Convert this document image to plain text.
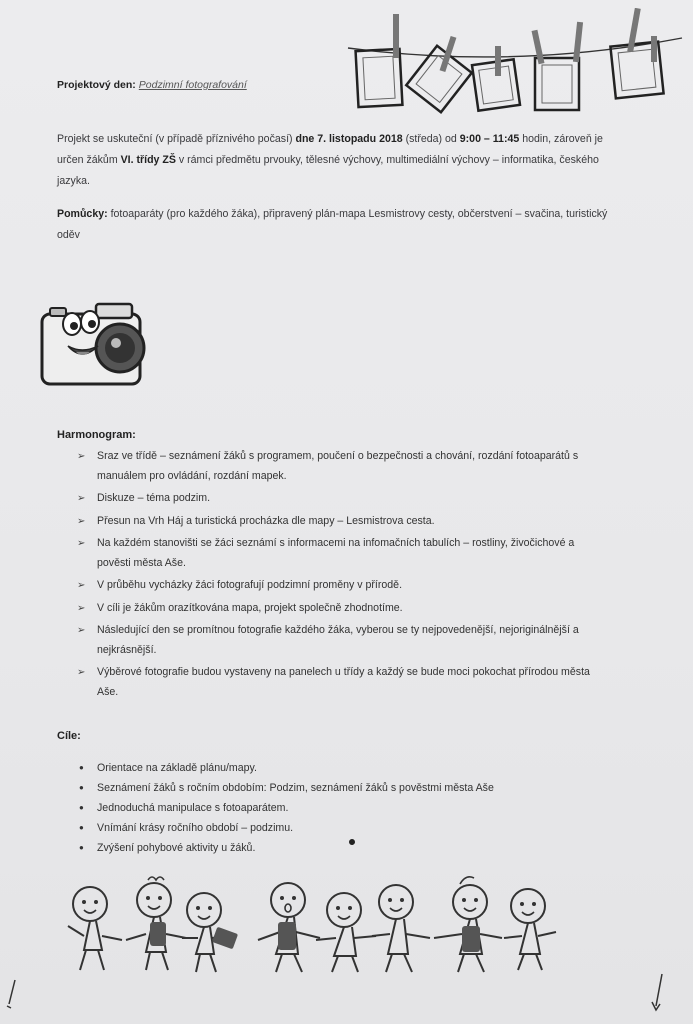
Projektový den: Podzimní fotografování
Projekt se uskuteční (v případě příznivého počasí) dne 7. listopadu 2018 (středa) od 9:00 – 11:45 hodin, zároveň je určen žákům VI. třídy ZŠ v rámci předmětu prvouky, tělesné výchovy, multimediální výchovy – informatika, českého jazyka.
Pomůcky: fotoaparáty (pro každého žáka), připravený plán-mapa Lesmistrovy cesty, občerstvení – svačina, turistický oděv
Harmonogram:
➢ Sraz ve třídě – seznámení žáků s programem, poučení o bezpečnosti a chování, rozdání fotoaparátů s manuálem pro ovládání, rozdání mapek.
➢ Diskuze – téma podzim.
➢ Přesun na Vrh Háj a turistická procházka dle mapy – Lesmistrova cesta.
➢ Na každém stanovišti se žáci seznámí s informacemi na infomačních tabulích – rostliny, živočichové a pověsti města Aše.
➢ V průběhu vycházky žáci fotografují podzimní proměny v přírodě.
➢ V cíli je žákům orazítkována mapa, projekt společně zhodnotíme.
➢ Následující den se promítnou fotografie každého žáka, vyberou se ty nejpovedenější, nejoriginálnější a nejkrásnější.
➢ Výběrové fotografie budou vystaveny na panelech u třídy a každý se bude moci pokochat přírodou města Aše.
Cíle:
● Orientace na základě plánu/mapy.
● Seznámení žáků s ročním obdobím: Podzim, seznámení žáků s pověstmi města Aše
● Jednoduchá manipulace s fotoaparátem.
● Vnímání krásy ročního období – podzimu.
● Zvýšení pohybové aktivity u žáků.
